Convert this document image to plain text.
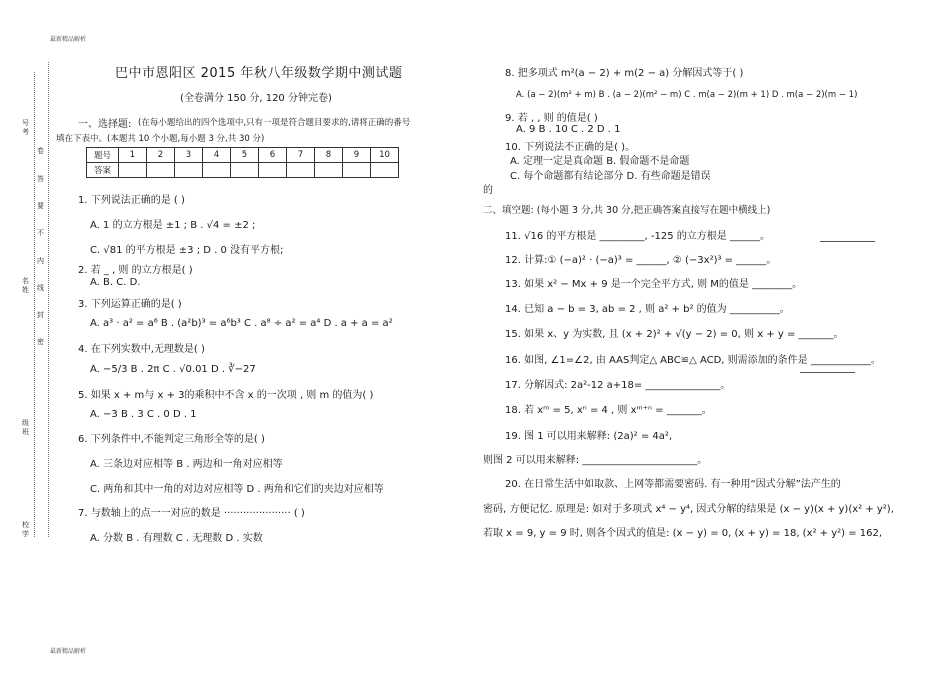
最新精品解析
最新精品解析
号
考
卷
答
要
不
内
线
封
密
名
姓
级
班
校
学
巴中市恩阳区 2015 年秋八年级数学期中测试题
(全卷满分 150 分, 120 分钟完卷)
一、选择题: (在每小题给出的四个选项中,只有一项是符合题目要求的,请将正确的番号
填在下表中。(本题共 10 个小题,每小题 3 分,共 30 分)
题号	1	2	3	4	5	6	7	8	9	10
答案										
1. 下列说法正确的是 ( )
A. 1 的立方根是 ±1 ; B . √4 = ±2 ;
C. √81 的平方根是 ±3 ; D . 0 没有平方根;
2. 若 _ , 则 的立方根是( )
A. B. C. D.
3. 下列运算正确的是( )
A. a³ · a² = a⁶ B . (a²b)³ = a⁶b³ C . a⁸ ÷ a² = a⁴ D . a + a = a²
4. 在下列实数中,无理数是( )
A. −5/3 B . 2π C . √0.01 D . ∛−27
5. 如果 x + m与 x + 3的乘积中不含 x 的一次项 , 则 m 的值为( )
A. −3 B . 3 C . 0 D . 1
6. 下列条件中,不能判定三角形全等的是( )
A. 三条边对应相等 B . 两边和一角对应相等
C. 两角和其中一角的对边对应相等 D . 两角和它们的夹边对应相等
7. 与数轴上的点一一对应的数是 ····················· ( )
A. 分数 B . 有理数 C . 无理数 D . 实数
8. 把多项式 m²(a − 2) + m(2 − a) 分解因式等于( )
A. (a − 2)(m² + m) B . (a − 2)(m² − m) C . m(a − 2)(m + 1) D . m(a − 2)(m − 1)
9. 若 , , 则 的值是( )
A. 9 B . 10 C . 2 D . 1
10. 下列说法不正确的是( )。
A. 定理一定是真命题 B. 假命题不是命题
C. 每个命题都有结论部分 D. 有些命题是错误
的
二、填空题: (每小题 3 分,共 30 分,把正确答案直接写在题中横线上)
11. √16 的平方根是 _________, -125 的立方根是 ______。
12. 计算:① (−a)² · (−a)³ = ______, ② (−3x²)³ = ______。
13. 如果 x² − Mx + 9 是一个完全平方式, 则 M的值是 ________。
14. 已知 a − b = 3, ab = 2 , 则 a² + b² 的值为 __________。
15. 如果 x、y 为实数, 且 (x + 2)² + √(y − 2) = 0, 则 x + y = _______。
16. 如图, ∠1=∠2, 由 AAS判定△ ABC≌△ ACD, 则需添加的条件是 ____________。
17. 分解因式: 2a²-12 a+18= _______________。
18. 若 xᵐ = 5, xⁿ = 4 , 则 xᵐ⁺ⁿ = _______。
19. 图 1 可以用来解释: (2a)² = 4a²,
则图 2 可以用来解释: _______________________。
20. 在日常生活中如取款、上网等都需要密码. 有一种用“因式分解”法产生的
密码, 方便记忆. 原理是: 如对于多项式 x⁴ − y⁴, 因式分解的结果是 (x − y)(x + y)(x² + y²),
若取 x = 9, y = 9 时, 则各个因式的值是: (x − y) = 0, (x + y) = 18, (x² + y²) = 162,
